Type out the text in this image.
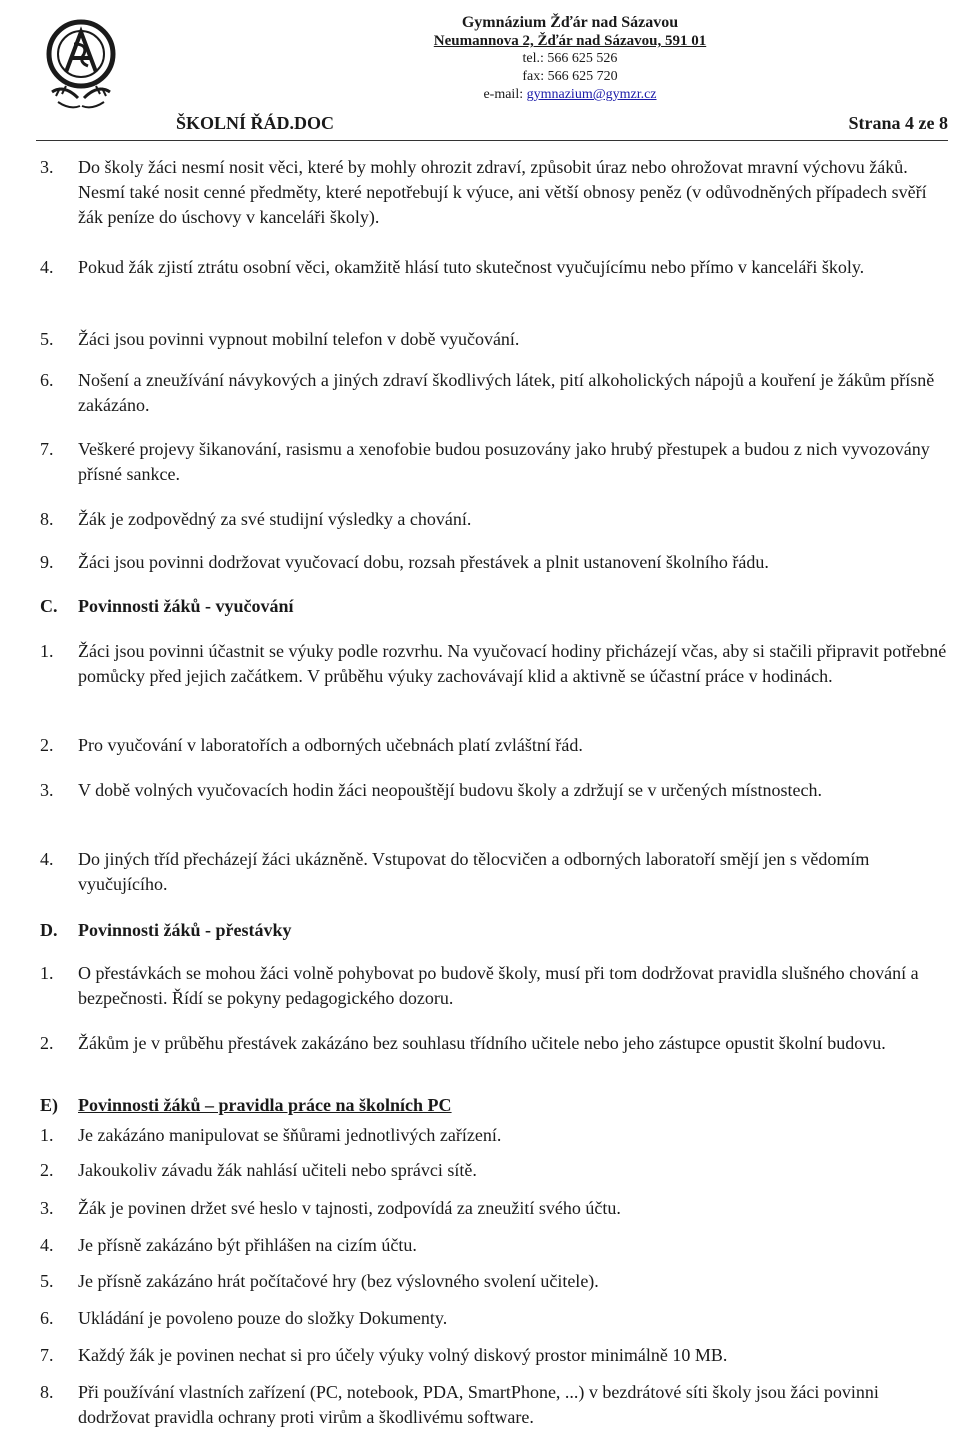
Gymnázium Žďár nad Sázavou
Neumannova 2, Žďár nad Sázavou, 591 01
tel.: 566 625 526
fax: 566 625 720
e-mail: gymnazium@gymzr.cz
ŠKOLNÍ ŘÁD.DOC	Strana 4 ze 8
3. Do školy žáci nesmí nosit věci, které by mohly ohrozit zdraví, způsobit úraz nebo ohrožovat mravní výchovu žáků. Nesmí také nosit cenné předměty, které nepotřebují k výuce, ani větší obnosy peněz (v odůvodněných případech svěří žák peníze do úschovy v kanceláři školy).
4. Pokud žák zjistí ztrátu osobní věci, okamžitě hlásí tuto skutečnost vyučujícímu nebo přímo v kanceláři školy.
5. Žáci jsou povinni vypnout mobilní telefon v době vyučování.
6. Nošení a zneužívání návykových a jiných zdraví škodlivých látek, pití alkoholických nápojů a kouření je žákům přísně zakázáno.
7. Veškeré projevy šikanování, rasismu a xenofobie budou posuzovány jako hrubý přestupek a budou z nich vyvozovány přísné sankce.
8. Žák je zodpovědný za své studijní výsledky a chování.
9. Žáci jsou povinni dodržovat vyučovací dobu, rozsah přestávek a plnit ustanovení školního řádu.
C. Povinnosti žáků - vyučování
1. Žáci jsou povinni účastnit se výuky podle rozvrhu. Na vyučovací hodiny přicházejí včas, aby si stačili připravit potřebné pomůcky před jejich začátkem. V průběhu výuky zachovávají klid a aktivně se účastní práce v hodinách.
2. Pro vyučování v laboratořích a odborných učebnách platí zvláštní řád.
3. V době volných vyučovacích hodin žáci neopouštějí budovu školy a zdržují se v určených místnostech.
4. Do jiných tříd přecházejí žáci ukázněně. Vstupovat do tělocvičen a odborných laboratoří smějí jen s vědomím vyučujícího.
D. Povinnosti žáků - přestávky
1. O přestávkách se mohou žáci volně pohybovat po budově školy, musí při tom dodržovat pravidla slušného chování a bezpečnosti. Řídí se pokyny pedagogického dozoru.
2. Žákům je v průběhu přestávek zakázáno bez souhlasu třídního učitele nebo jeho zástupce opustit školní budovu.
E) Povinnosti žáků – pravidla práce na školních PC
1. Je zakázáno manipulovat se šňůrami jednotlivých zařízení.
2. Jakoukoliv závadu žák nahlásí učiteli nebo správci sítě.
3. Žák je povinen držet své heslo v tajnosti, zodpovídá za zneužití svého účtu.
4. Je přísně zakázáno být přihlášen na cizím účtu.
5. Je přísně zakázáno hrát počítačové hry (bez výslovného svolení učitele).
6. Ukládání je povoleno pouze do složky Dokumenty.
7. Každý žák je povinen nechat si pro účely výuky volný diskový prostor minimálně 10 MB.
8. Při používání vlastních zařízení (PC, notebook, PDA, SmartPhone, ...) v bezdrátové síti školy jsou žáci povinni dodržovat pravidla ochrany proti virům a škodlivému software.
